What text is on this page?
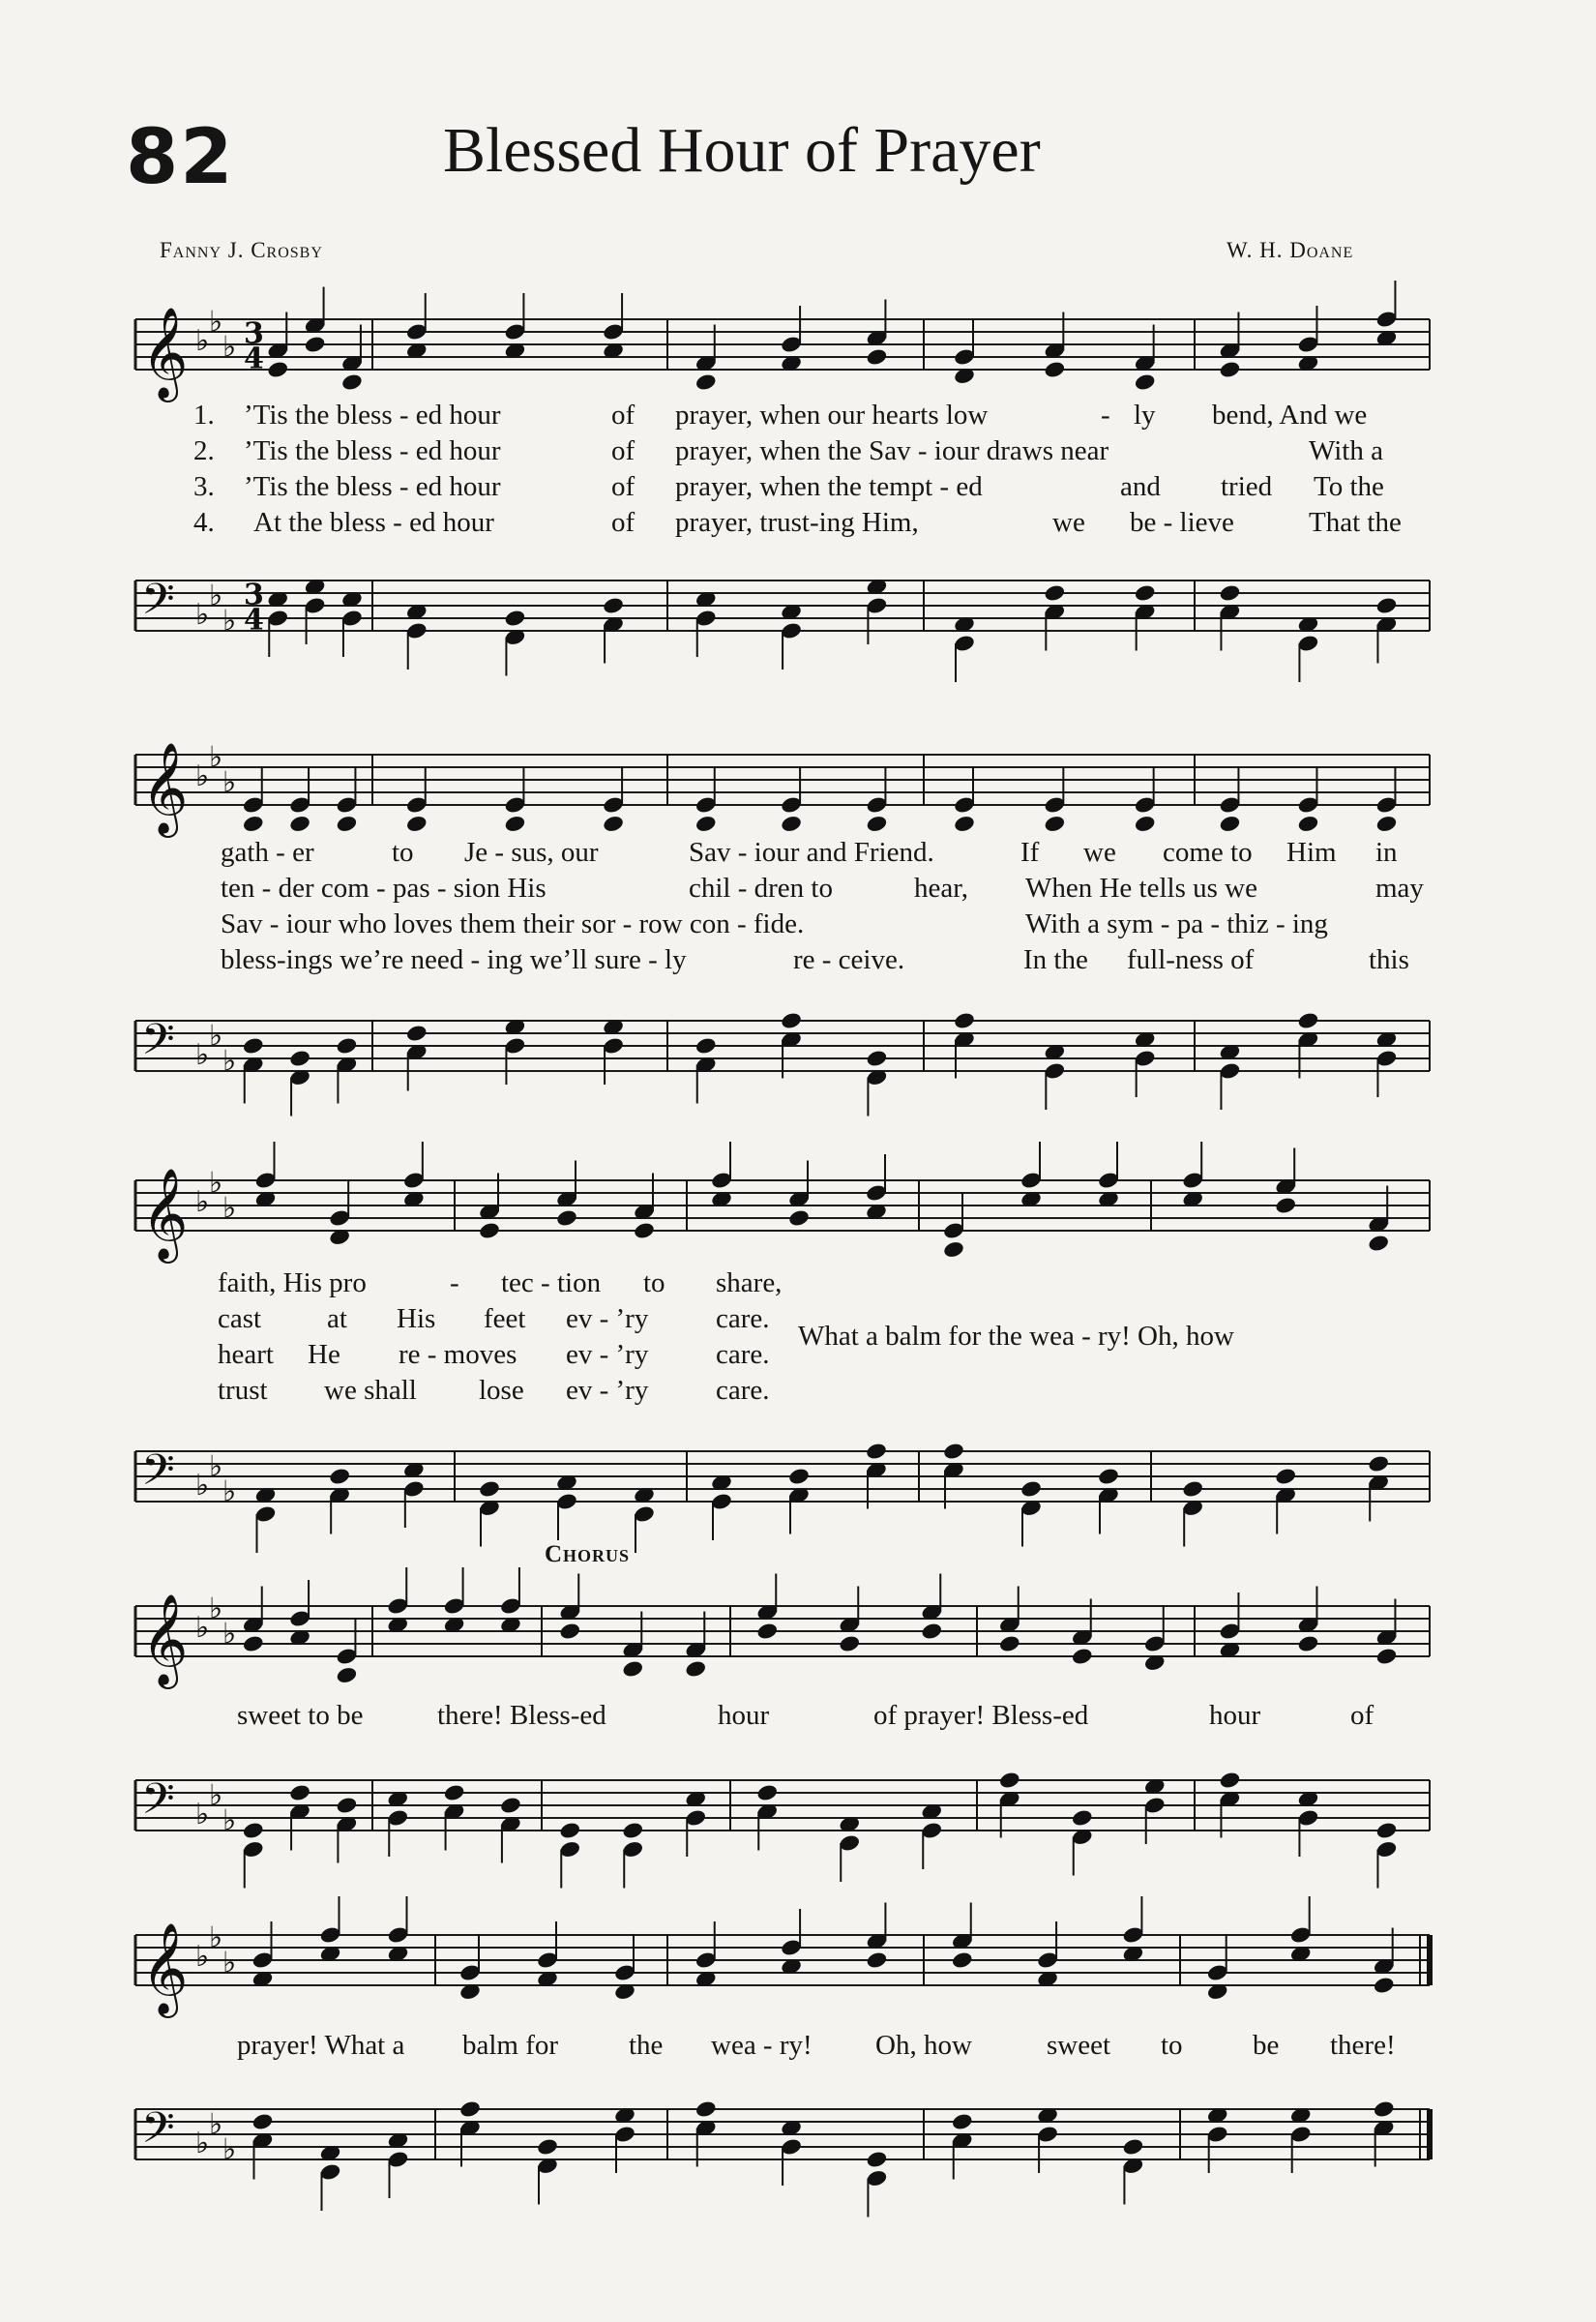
82	Blessed Hour of Prayer
Fanny J. Crosby	W. H. Doane
𝄞 ♭
♭
♭ 3
4
1. ’Tis the bless - ed hour	of prayer, when our hearts low	- ly bend, And we
2. ’Tis the bless - ed hour	of prayer, when the Sav - iour draws near	With a
3. ’Tis the bless - ed hour	of prayer, when the tempt - ed	and tried To the
4. At the bless - ed hour	of prayer, trust-ing Him,	we be - lieve	That the
𝄢 ♭
♭
♭
3
4
𝄞 ♭
♭
♭
gath - er	to Je - sus, our	Sav - iour and Friend.	If we come to Him in
ten - der com - pas - sion His	chil - dren to	hear, When He tells us we	may
Sav - iour who loves them their sor - row con - fide.	With a sym - pa - thiz - ing
bless-ings we’re need - ing we’ll sure - ly	re - ceive.	In the full-ness of	this
𝄢 ♭
♭
♭
𝄞 ♭
♭
♭
faith, His pro	- tec - tion to share,
cast at His feet ev - ’ry care.
heart He re - moves ev - ’ry care.
trust we shall lose ev - ’ry care.
What a balm for the wea - ry! Oh, how
𝄢 ♭
♭
♭
Chorus
𝄞 ♭
♭
♭
sweet to be	there! Bless-ed	hour	of prayer! Bless-ed	hour	of
𝄢 ♭
♭
♭
𝄞 ♭
♭
♭
prayer! What a balm for	the wea - ry! Oh, how	sweet to be there!
𝄢 ♭
♭
♭
